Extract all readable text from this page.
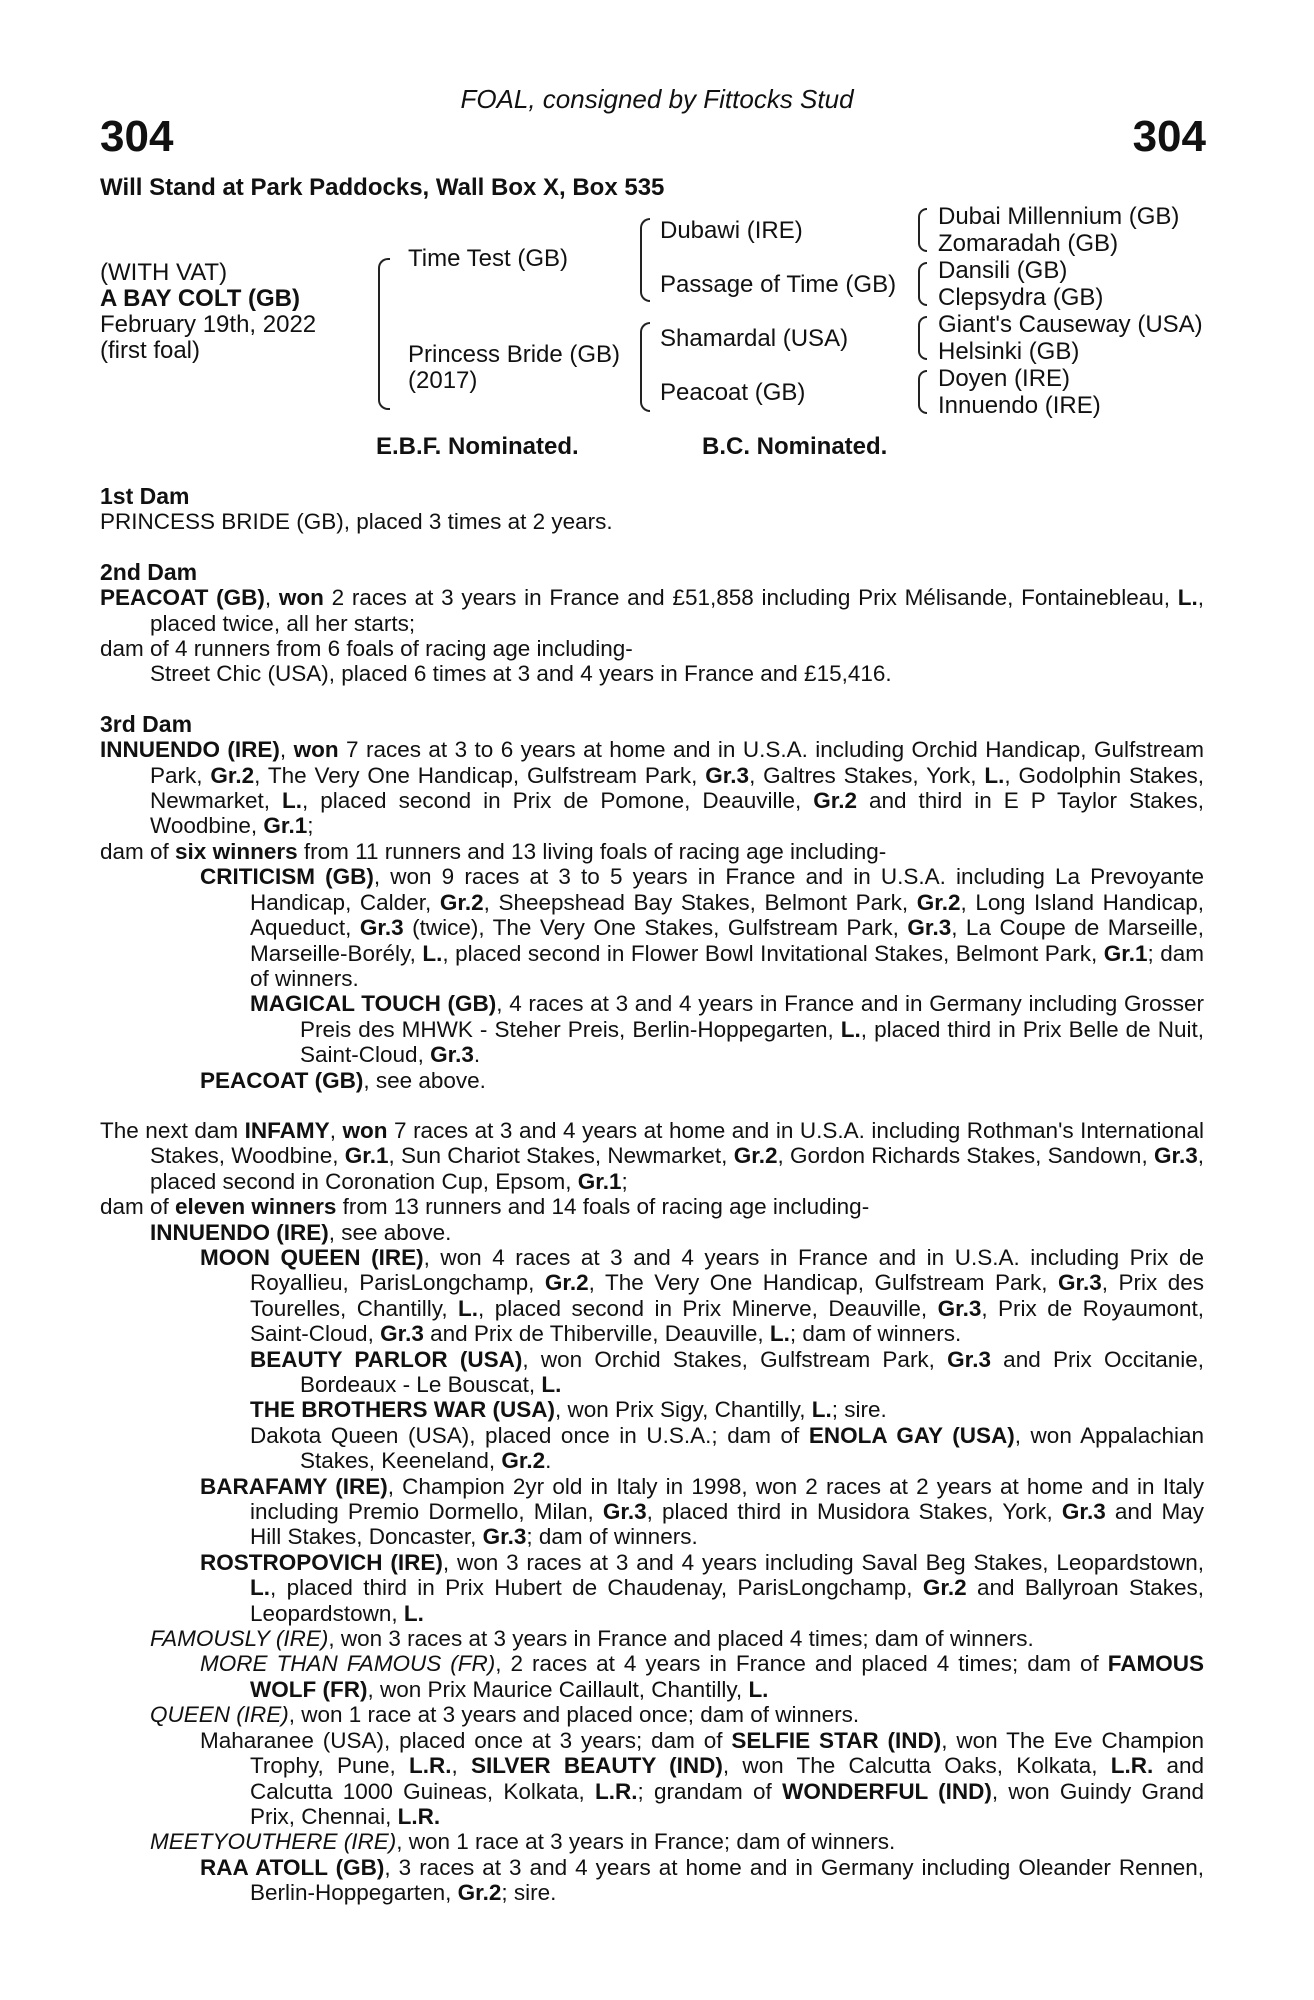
FOAL, consigned by Fittocks Stud
304	304
Will Stand at Park Paddocks, Wall Box X, Box 535
(WITH VAT)
A BAY COLT (GB)
February 19th, 2022
(first foal)
Time Test (GB)
Princess Bride (GB)
(2017)
Dubawi (IRE)
Passage of Time (GB)
Shamardal (USA)
Peacoat (GB)
Dubai Millennium (GB)
Zomaradah (GB)
Dansili (GB)
Clepsydra (GB)
Giant's Causeway (USA)
Helsinki (GB)
Doyen (IRE)
Innuendo (IRE)
E.B.F. Nominated.	B.C. Nominated.

1st Dam

PRINCESS BRIDE (GB), placed 3 times at 2 years.

2nd Dam

PEACOAT (GB), won 2 races at 3 years in France and £51,858 including Prix Mélisande, Fontainebleau, L., placed twice, all her starts;

dam of 4 runners from 6 foals of racing age including-

Street Chic (USA), placed 6 times at 3 and 4 years in France and £15,416.

3rd Dam

INNUENDO (IRE), won 7 races at 3 to 6 years at home and in U.S.A. including Orchid Handicap, Gulfstream Park, Gr.2, The Very One Handicap, Gulfstream Park, Gr.3, Galtres Stakes, York, L., Godolphin Stakes, Newmarket, L., placed second in Prix de Pomone, Deauville, Gr.2 and third in E P Taylor Stakes, Woodbine, Gr.1;

dam of six winners from 11 runners and 13 living foals of racing age including-

CRITICISM (GB), won 9 races at 3 to 5 years in France and in U.S.A. including La Prevoyante Handicap, Calder, Gr.2, Sheepshead Bay Stakes, Belmont Park, Gr.2, Long Island Handicap, Aqueduct, Gr.3 (twice), The Very One Stakes, Gulfstream Park, Gr.3, La Coupe de Marseille, Marseille-Borély, L., placed second in Flower Bowl Invitational Stakes, Belmont Park, Gr.1; dam of winners.

MAGICAL TOUCH (GB), 4 races at 3 and 4 years in France and in Germany including Grosser Preis des MHWK - Steher Preis, Berlin-Hoppegarten, L., placed third in Prix Belle de Nuit, Saint-Cloud, Gr.3.

PEACOAT (GB), see above.

The next dam INFAMY, won 7 races at 3 and 4 years at home and in U.S.A. including Rothman's International Stakes, Woodbine, Gr.1, Sun Chariot Stakes, Newmarket, Gr.2, Gordon Richards Stakes, Sandown, Gr.3, placed second in Coronation Cup, Epsom, Gr.1;

dam of eleven winners from 13 runners and 14 foals of racing age including-

INNUENDO (IRE), see above.

MOON QUEEN (IRE), won 4 races at 3 and 4 years in France and in U.S.A. including Prix de Royallieu, ParisLongchamp, Gr.2, The Very One Handicap, Gulfstream Park, Gr.3, Prix des Tourelles, Chantilly, L., placed second in Prix Minerve, Deauville, Gr.3, Prix de Royaumont, Saint-Cloud, Gr.3 and Prix de Thiberville, Deauville, L.; dam of winners.

BEAUTY PARLOR (USA), won Orchid Stakes, Gulfstream Park, Gr.3 and Prix Occitanie, Bordeaux - Le Bouscat, L.

THE BROTHERS WAR (USA), won Prix Sigy, Chantilly, L.; sire.

Dakota Queen (USA), placed once in U.S.A.; dam of ENOLA GAY (USA), won Appalachian Stakes, Keeneland, Gr.2.

BARAFAMY (IRE), Champion 2yr old in Italy in 1998, won 2 races at 2 years at home and in Italy including Premio Dormello, Milan, Gr.3, placed third in Musidora Stakes, York, Gr.3 and May Hill Stakes, Doncaster, Gr.3; dam of winners.

ROSTROPOVICH (IRE), won 3 races at 3 and 4 years including Saval Beg Stakes, Leopardstown, L., placed third in Prix Hubert de Chaudenay, ParisLongchamp, Gr.2 and Ballyroan Stakes, Leopardstown, L.

FAMOUSLY (IRE), won 3 races at 3 years in France and placed 4 times; dam of winners.

MORE THAN FAMOUS (FR), 2 races at 4 years in France and placed 4 times; dam of FAMOUS WOLF (FR), won Prix Maurice Caillault, Chantilly, L.

QUEEN (IRE), won 1 race at 3 years and placed once; dam of winners.

Maharanee (USA), placed once at 3 years; dam of SELFIE STAR (IND), won The Eve Champion Trophy, Pune, L.R., SILVER BEAUTY (IND), won The Calcutta Oaks, Kolkata, L.R. and Calcutta 1000 Guineas, Kolkata, L.R.; grandam of WONDERFUL (IND), won Guindy Grand Prix, Chennai, L.R.

MEETYOUTHERE (IRE), won 1 race at 3 years in France; dam of winners.

RAA ATOLL (GB), 3 races at 3 and 4 years at home and in Germany including Oleander Rennen, Berlin-Hoppegarten, Gr.2; sire.
